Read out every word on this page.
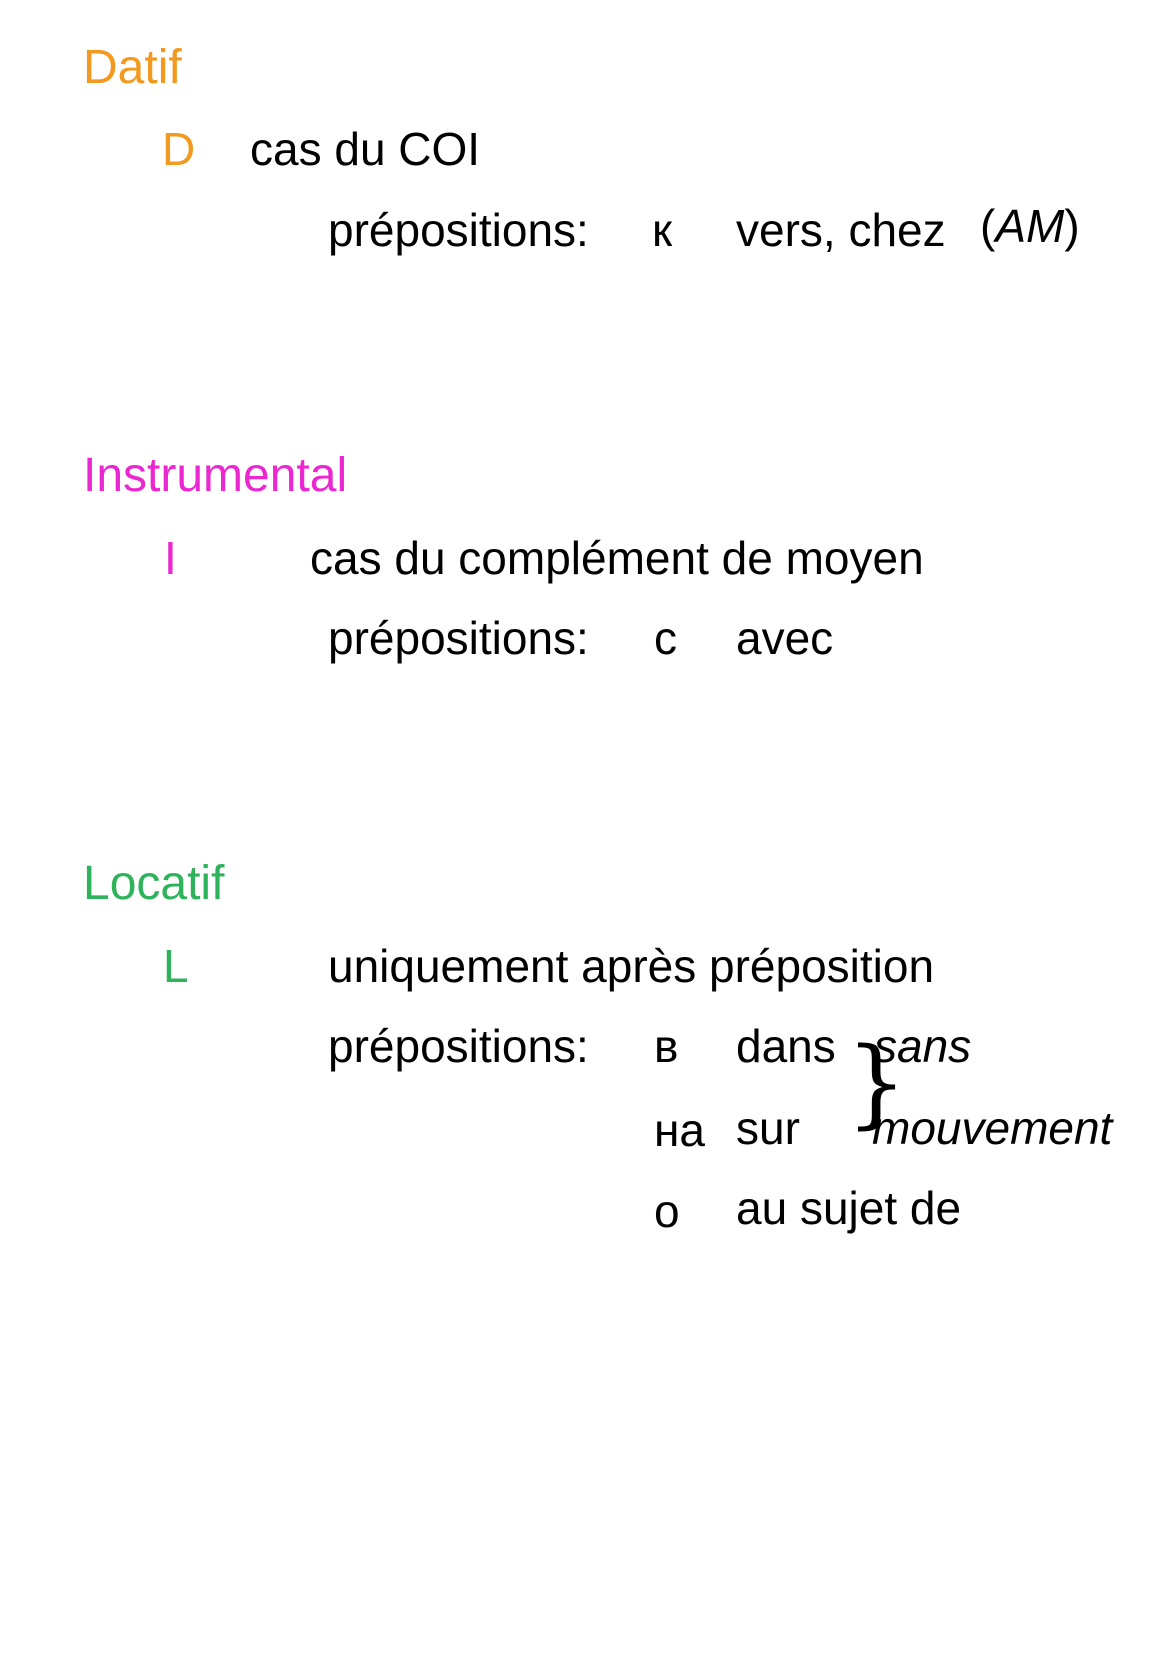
Datif
D cas du COI
prépositions: к vers, chez (AM)
Instrumental
I	cas du complément de moyen
prépositions: с avec
Locatif
L	uniquement après préposition
prépositions: в dans
на sur
о au sujet de
}
sans
mouvement
